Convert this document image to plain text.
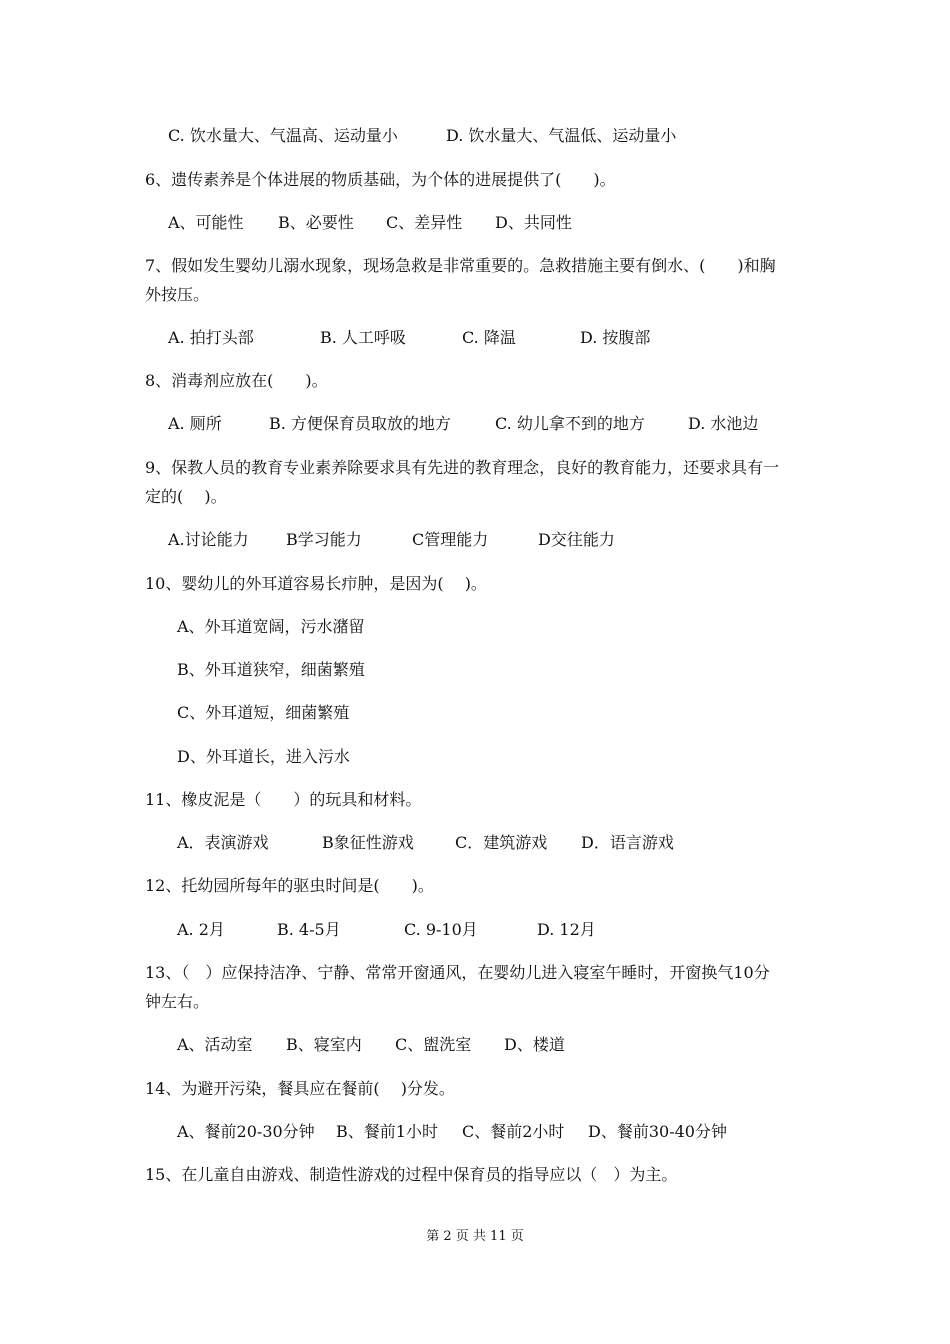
C. 饮水量大、气温高、运动量小	D. 饮水量大、气温低、运动量小
6、遗传素养是个体进展的物质基础，为个体的进展提供了(　　)。
A、可能性 B、必要性 C、差异性 D、共同性
7、假如发生婴幼儿溺水现象，现场急救是非常重要的。急救措施主要有倒水、(　　)和胸
外按压。
A. 拍打头部	B. 人工呼吸	C. 降温	D. 按腹部
8、消毒剂应放在(　　)。
A. 厕所	B. 方便保育员取放的地方	C. 幼儿拿不到的地方	D. 水池边
9、保教人员的教育专业素养除要求具有先进的教育理念，良好的教育能力，还要求具有一
定的(　 )。
A.讨论能力 B学习能力	C管理能力	D交往能力
10、婴幼儿的外耳道容易长疖肿，是因为(　 )。
A、外耳道宽阔，污水潴留
B、外耳道狭窄，细菌繁殖
C、外耳道短，细菌繁殖
D、外耳道长，进入污水
11、橡皮泥是（　　）的玩具和材料。
A．表演游戏	B象征性游戏	C．建筑游戏 D．语言游戏
12、托幼园所每年的驱虫时间是(　　)。
A. 2月	B. 4-5月	C. 9-10月	D. 12月
13、（　）应保持洁净、宁静、常常开窗通风，在婴幼儿进入寝室午睡时，开窗换气10分
钟左右。
A、活动室 B、寝室内 C、盥洗室 D、楼道
14、为避开污染，餐具应在餐前(　 )分发。
A、餐前20-30分钟 B、餐前1小时 C、餐前2小时 D、餐前30-40分钟
15、在儿童自由游戏、制造性游戏的过程中保育员的指导应以（　）为主。
第 2 页 共 11 页
